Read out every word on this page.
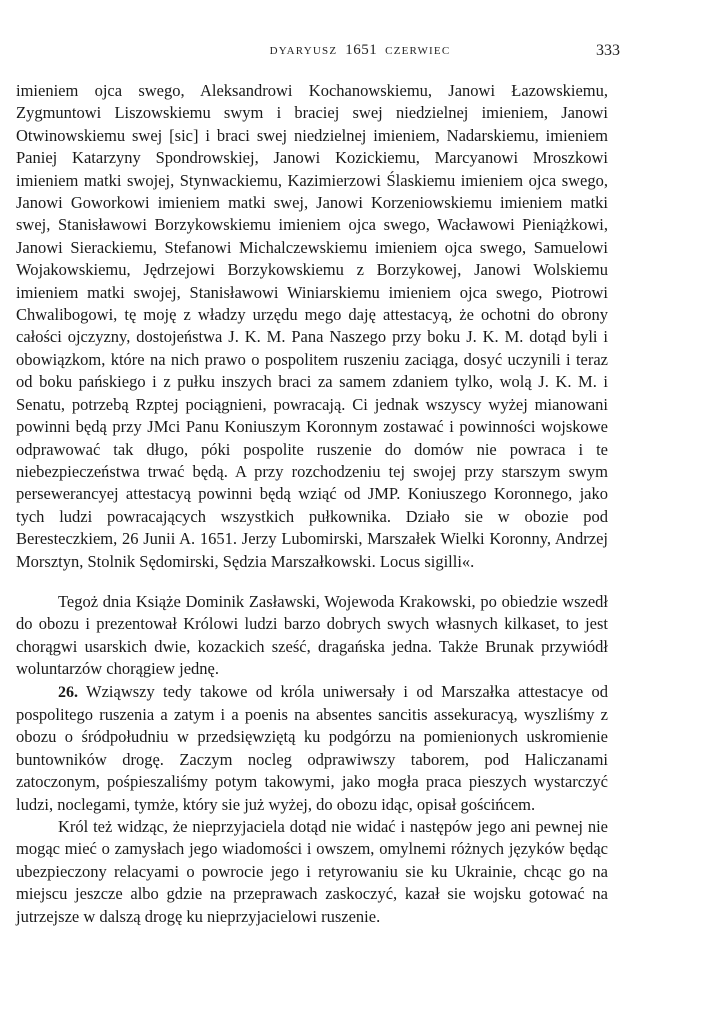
DYARYUSZ 1651 CZERWIEC	333

imieniem ojca swego, Aleksandrowi Kochanowskiemu, Janowi Łazowskiemu, Zygmuntowi Liszowskiemu swym i braciej swej niedzielnej imieniem, Janowi Otwinowskiemu swej [sic] i braci swej niedzielnej imieniem, Nadarskiemu, imieniem Paniej Katarzyny Spondrowskiej, Janowi Kozickiemu, Marcyanowi Mroszkowi imieniem matki swojej, Stynwackiemu, Kazimierzowi Ślaskiemu imieniem ojca swego, Janowi Goworkowi imieniem matki swej, Janowi Korzeniowskiemu imieniem matki swej, Stanisławowi Borzykowskiemu imieniem ojca swego, Wacławowi Pieniążkowi, Janowi Sierackiemu, Stefanowi Michalczewskiemu imieniem ojca swego, Samuelowi Wojakowskiemu, Jędrzejowi Borzykowskiemu z Borzykowej, Janowi Wolskiemu imieniem matki swojej, Stanisławowi Winiarskiemu imieniem ojca swego, Piotrowi Chwalibogowi, tę moję z władzy urzędu mego daję attestacyą, że ochotni do obrony całości ojczyzny, dostojeństwa J. K. M. Pana Naszego przy boku J. K. M. dotąd byli i obowiązkom, które na nich prawo o pospolitem ruszeniu zaciąga, dosyć uczynili i teraz od boku pańskiego i z pułku inszych braci za samem zdaniem tylko, wolą J. K. M. i Senatu, potrzebą Rzptej pociągnieni, powracają. Ci jednak wszyscy wyżej mianowani powinni będą przy JMci Panu Koniuszym Koronnym zostawać i powinności wojskowe odprawować tak długo, póki pospolite ruszenie do domów nie powraca i te niebezpieczeństwa trwać będą. A przy rozchodzeniu tej swojej przy starszym swym persewerancyej attestacyą powinni będą wziąć od JMP. Koniuszego Koronnego, jako tych ludzi powracających wszystkich pułkownika. Działo sie w obozie pod Beresteczkiem, 26 Junii A. 1651. Jerzy Lubomirski, Marszałek Wielki Koronny, Andrzej Morsztyn, Stolnik Sędomirski, Sędzia Marszałkowski. Locus sigilli«.

Tegoż dnia Książe Dominik Zasławski, Wojewoda Krakowski, po obiedzie wszedł do obozu i prezentował Królowi ludzi barzo dobrych swych własnych kilkaset, to jest chorągwi usarskich dwie, kozackich sześć, dragańska jedna. Także Brunak przywiódł woluntarzów chorągiew jednę.

26. Wziąwszy tedy takowe od króla uniwersały i od Marszałka attestacye od pospolitego ruszenia a zatym i a poenis na absentes sancitis assekuracyą, wyszliśmy z obozu o śródpołudniu w przedsięwziętą ku podgórzu na pomienionych uskromienie buntowników drogę. Zaczym nocleg odprawiwszy taborem, pod Haliczanami zatoczonym, pośpieszaliśmy potym takowymi, jako mogła praca pieszych wystarczyć ludzi, noclegami, tymże, który sie już wyżej, do obozu idąc, opisał gościńcem.

Król też widząc, że nieprzyjaciela dotąd nie widać i następów jego ani pewnej nie mogąc mieć o zamysłach jego wiadomości i owszem, omylnemi różnych języków będąc ubezpieczony relacyami o powrocie jego i retyrowaniu sie ku Ukrainie, chcąc go na miejscu jeszcze albo gdzie na przeprawach zaskoczyć, kazał sie wojsku gotować na jutrzejsze w dalszą drogę ku nieprzyjacielowi ruszenie.
